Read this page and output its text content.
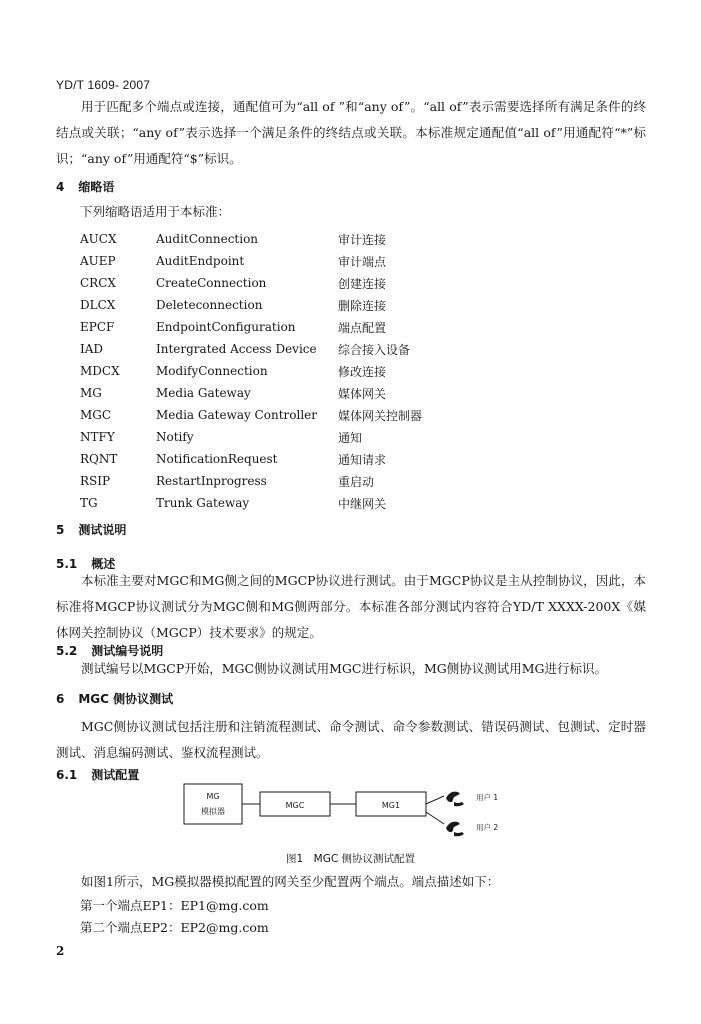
YD/T 1609- 2007
用于匹配多个端点或连接，通配值可为“all of ”和“any of”。“all of”表示需要选择所有满足条件的终结点或关联；“any of”表示选择一个满足条件的终结点或关联。本标准规定通配值“all of”用通配符“*”标识；“any of”用通配符“$”标识。
4 缩略语
下列缩略语适用于本标准：
AUCX	AuditConnection	审计连接
AUEP	AuditEndpoint	审计端点
CRCX	CreateConnection	创建连接
DLCX	Deleteconnection	删除连接
EPCF	EndpointConfiguration	端点配置
IAD	Intergrated Access Device	综合接入设备
MDCX	ModifyConnection	修改连接
MG	Media Gateway	媒体网关
MGC	Media Gateway Controller	媒体网关控制器
NTFY	Notify	通知
RQNT	NotificationRequest	通知请求
RSIP	RestartInprogress	重启动
TG	Trunk Gateway	中继网关
5 测试说明
5.1 概述
本标准主要对MGC和MG侧之间的MGCP协议进行测试。由于MGCP协议是主从控制协议，因此，本标准将MGCP协议测试分为MGC侧和MG侧两部分。本标准各部分测试内容符合YD/T XXXX-200X《媒体网关控制协议（MGCP）技术要求》的规定。
5.2 测试编号说明
测试编号以MGCP开始，MGC侧协议测试用MGC进行标识，MG侧协议测试用MG进行标识。
6 MGC 侧协议测试
MGC侧协议测试包括注册和注销流程测试、命令测试、命令参数测试、错误码测试、包测试、定时器测试、消息编码测试、鉴权流程测试。
6.1 测试配置
MG
模拟器
MGC	MG1
用户 1
用户 2
图1　MGC 侧协议测试配置
如图1所示，MG模拟器模拟配置的网关至少配置两个端点。端点描述如下：
第一个端点EP1：EP1@mg.com
第二个端点EP2：EP2@mg.com
2
